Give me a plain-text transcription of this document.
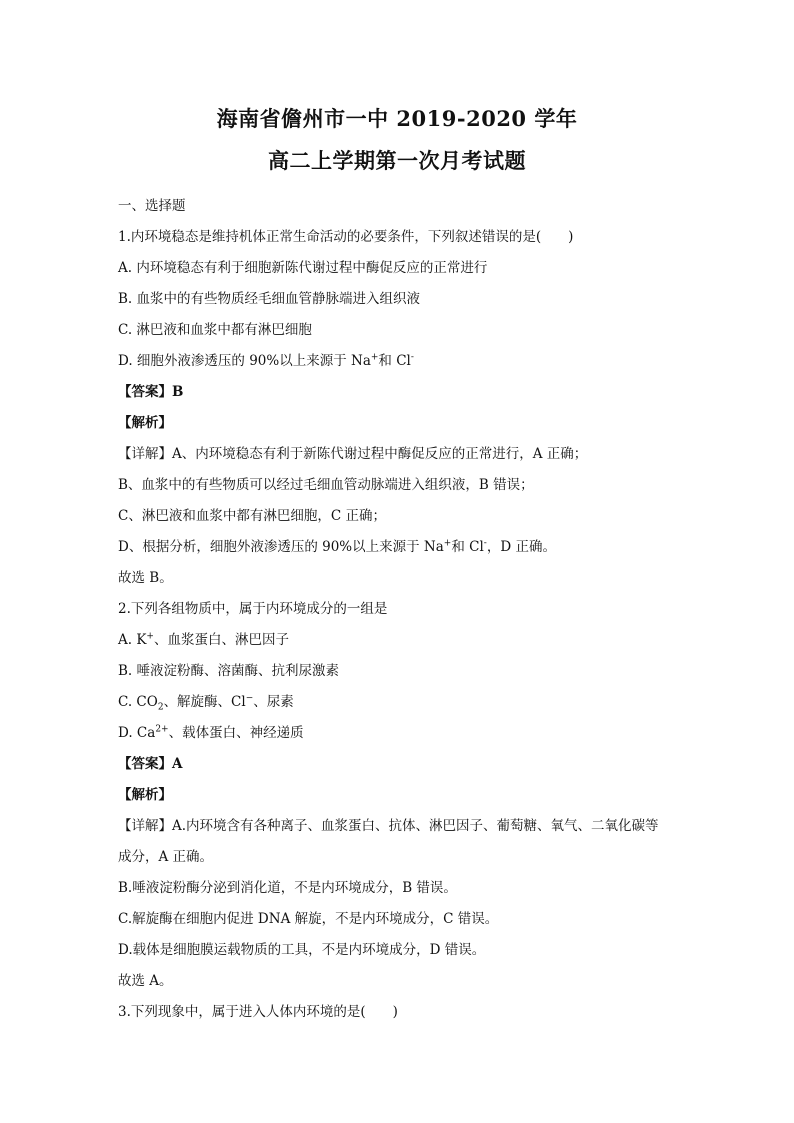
海南省儋州市一中 2019-2020 学年
高二上学期第一次月考试题

一、选择题

1.内环境稳态是维持机体正常生命活动的必要条件，下列叙述错误的是(　　)

A. 内环境稳态有利于细胞新陈代谢过程中酶促反应的正常进行

B. 血浆中的有些物质经毛细血管静脉端进入组织液

C. 淋巴液和血浆中都有淋巴细胞

D. 细胞外液渗透压的 90%以上来源于 Na+和 Cl-

【答案】B

【解析】

【详解】A、内环境稳态有利于新陈代谢过程中酶促反应的正常进行，A 正确；

B、血浆中的有些物质可以经过毛细血管动脉端进入组织液，B 错误；

C、淋巴液和血浆中都有淋巴细胞，C 正确；

D、根据分析，细胞外液渗透压的 90%以上来源于 Na+和 Cl-，D 正确。

故选 B。

2.下列各组物质中，属于内环境成分的一组是

A. K+、血浆蛋白、淋巴因子

B. 唾液淀粉酶、溶菌酶、抗利尿激素

C. $CO_2$、解旋酶、Cl−、尿素

D. $Ca^{2+}$、载体蛋白、神经递质

【答案】A

【解析】

【详解】A.内环境含有各种离子、血浆蛋白、抗体、淋巴因子、葡萄糖、氧气、二氧化碳等

成分，A 正确。

B.唾液淀粉酶分泌到消化道，不是内环境成分，B 错误。

C.解旋酶在细胞内促进 DNA 解旋，不是内环境成分，C 错误。

D.载体是细胞膜运载物质的工具，不是内环境成分，D 错误。

故选 A。

3.下列现象中，属于进入人体内环境的是(　　)
